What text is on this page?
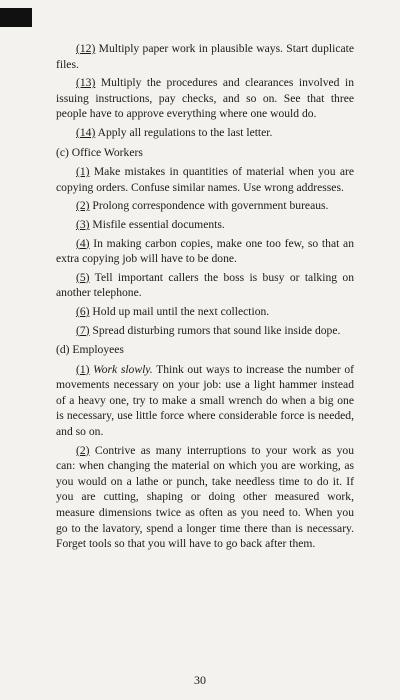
(12) Multiply paper work in plausible ways. Start duplicate files.

(13) Multiply the procedures and clearances involved in issuing instructions, pay checks, and so on. See that three people have to approve everything where one would do.

(14) Apply all regulations to the last letter.

(c) Office Workers

(1) Make mistakes in quantities of material when you are copying orders. Confuse similar names. Use wrong addresses.

(2) Prolong correspondence with government bureaus.

(3) Misfile essential documents.

(4) In making carbon copies, make one too few, so that an extra copying job will have to be done.

(5) Tell important callers the boss is busy or talking on another telephone.

(6) Hold up mail until the next collection.

(7) Spread disturbing rumors that sound like inside dope.

(d) Employees

(1) Work slowly. Think out ways to increase the number of movements necessary on your job: use a light hammer instead of a heavy one, try to make a small wrench do when a big one is necessary, use little force where considerable force is needed, and so on.

(2) Contrive as many interruptions to your work as you can: when changing the material on which you are working, as you would on a lathe or punch, take needless time to do it. If you are cutting, shaping or doing other measured work, measure dimensions twice as often as you need to. When you go to the lavatory, spend a longer time there than is necessary. Forget tools so that you will have to go back after them.

30
